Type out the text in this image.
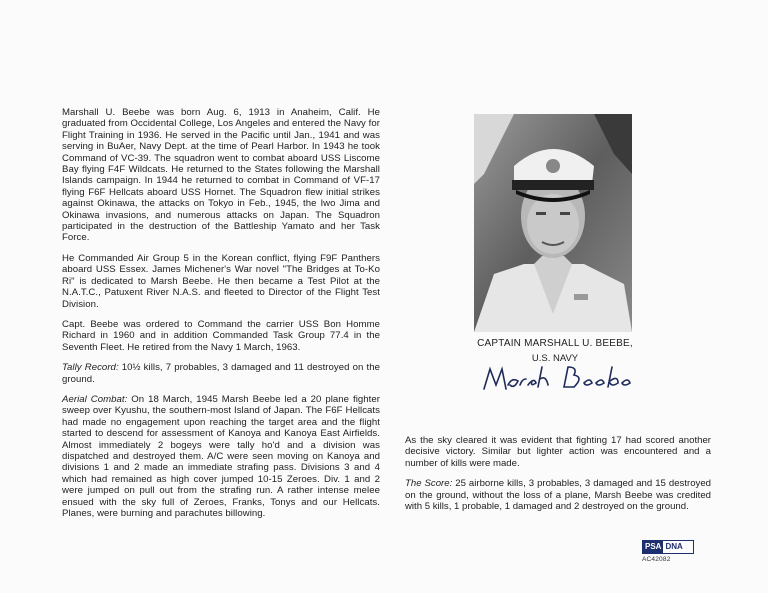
Marshall U. Beebe was born Aug. 6, 1913 in Anaheim, Calif. He graduated from Occidental College, Los Angeles and entered the Navy for Flight Training in 1936. He served in the Pacific until Jan., 1941 and was serving in BuAer, Navy Dept. at the time of Pearl Harbor. In 1943 he took Command of VC-39. The squadron went to combat aboard USS Liscome Bay flying F4F Wildcats. He returned to the States following the Marshall Islands campaign. In 1944 he returned to combat in Command of VF-17 flying F6F Hellcats aboard USS Hornet. The Squadron flew initial strikes against Okinawa, the attacks on Tokyo in Feb., 1945, the Iwo Jima and Okinawa invasions, and numerous attacks on Japan. The Squadron participated in the destruction of the Battleship Yamato and her Task Force.

He Commanded Air Group 5 in the Korean conflict, flying F9F Panthers aboard USS Essex. James Michener's War novel "The Bridges at To-Ko Ri" is dedicated to Marsh Beebe. He then became a Test Pilot at the N.A.T.C., Patuxent River N.A.S. and fleeted to Director of the Flight Test Division.

Capt. Beebe was ordered to Command the carrier USS Bon Homme Richard in 1960 and in addition Commanded Task Group 77.4 in the Seventh Fleet. He retired from the Navy 1 March, 1963.

Tally Record: 10½ kills, 7 probables, 3 damaged and 11 destroyed on the ground.

Aerial Combat: On 18 March, 1945 Marsh Beebe led a 20 plane fighter sweep over Kyushu, the southern-most Island of Japan. The F6F Hellcats had made no engagement upon reaching the target area and the flight started to descend for assessment of Kanoya and Kanoya East Airfields. Almost immediately 2 bogeys were tally ho'd and a division was dispatched and destroyed them. A/C were seen moving on Kanoya and divisions 1 and 2 made an immediate strafing pass. Divisions 3 and 4 which had remained as high cover jumped 10-15 Zeroes. Div. 1 and 2 were jumped on pull out from the strafing run. A rather intense melee ensued with the sky full of Zeroes, Franks, Tonys and our Hellcats. Planes, were burning and parachutes billowing.

CAPTAIN MARSHALL U. BEEBE,
U.S. NAVY

As the sky cleared it was evident that fighting 17 had scored another decisive victory. Similar but lighter action was encountered and a number of kills were made.

The Score: 25 airborne kills, 3 probables, 3 damaged and 15 destroyed on the ground, without the loss of a plane, Marsh Beebe was credited with 5 kills, 1 probable, 1 damaged and 2 destroyed on the ground.

PSA DNA
AC42082
